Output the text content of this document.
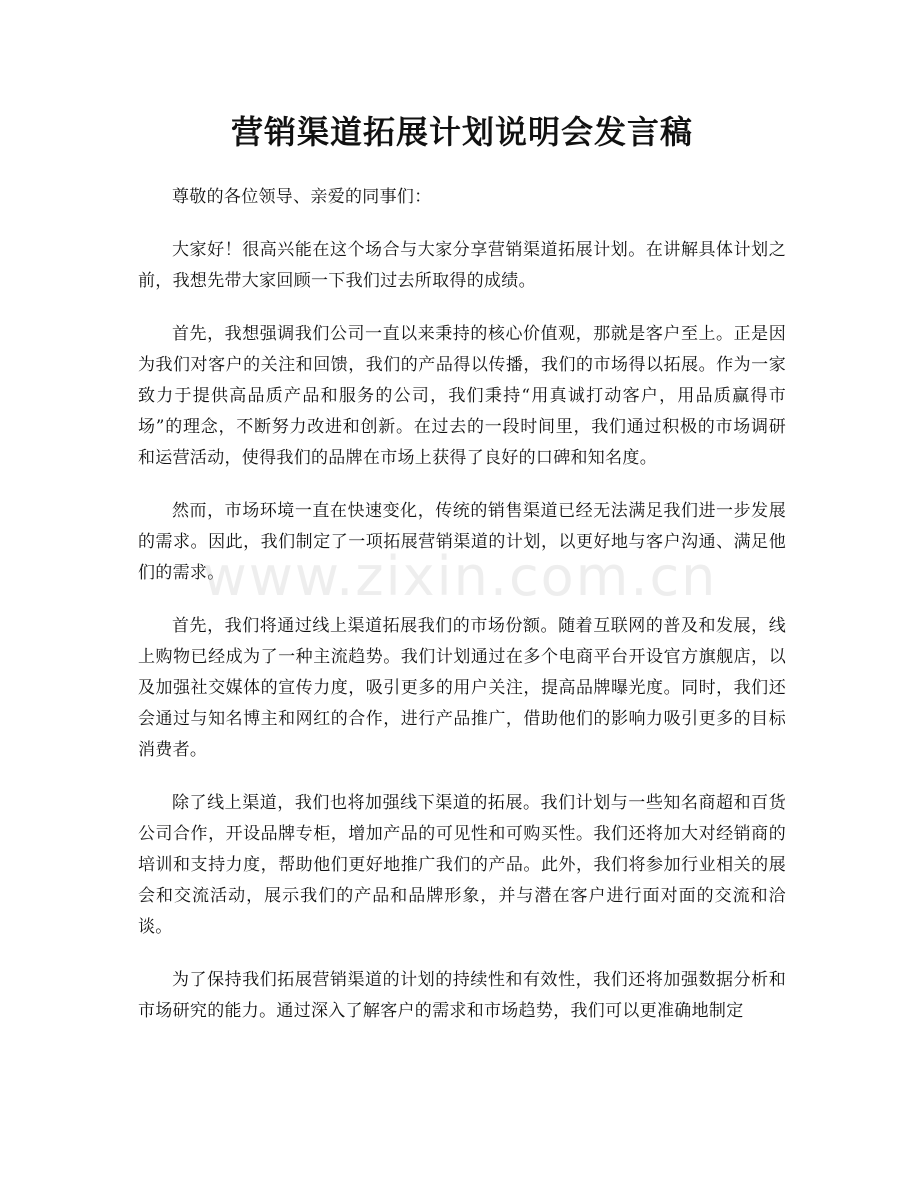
www.zixin.com.cn
营销渠道拓展计划说明会发言稿

尊敬的各位领导、亲爱的同事们：

大家好！很高兴能在这个场合与大家分享营销渠道拓展计划。在讲解具体计划之前，我想先带大家回顾一下我们过去所取得的成绩。

首先，我想强调我们公司一直以来秉持的核心价值观，那就是客户至上。正是因为我们对客户的关注和回馈，我们的产品得以传播，我们的市场得以拓展。作为一家致力于提供高品质产品和服务的公司，我们秉持“用真诚打动客户，用品质赢得市场”的理念，不断努力改进和创新。在过去的一段时间里，我们通过积极的市场调研和运营活动，使得我们的品牌在市场上获得了良好的口碑和知名度。

然而，市场环境一直在快速变化，传统的销售渠道已经无法满足我们进一步发展的需求。因此，我们制定了一项拓展营销渠道的计划，以更好地与客户沟通、满足他们的需求。

首先，我们将通过线上渠道拓展我们的市场份额。随着互联网的普及和发展，线上购物已经成为了一种主流趋势。我们计划通过在多个电商平台开设官方旗舰店，以及加强社交媒体的宣传力度，吸引更多的用户关注，提高品牌曝光度。同时，我们还会通过与知名博主和网红的合作，进行产品推广，借助他们的影响力吸引更多的目标消费者。

除了线上渠道，我们也将加强线下渠道的拓展。我们计划与一些知名商超和百货公司合作，开设品牌专柜，增加产品的可见性和可购买性。我们还将加大对经销商的培训和支持力度，帮助他们更好地推广我们的产品。此外，我们将参加行业相关的展会和交流活动，展示我们的产品和品牌形象，并与潜在客户进行面对面的交流和洽谈。

为了保持我们拓展营销渠道的计划的持续性和有效性，我们还将加强数据分析和市场研究的能力。通过深入了解客户的需求和市场趋势，我们可以更准确地制定
